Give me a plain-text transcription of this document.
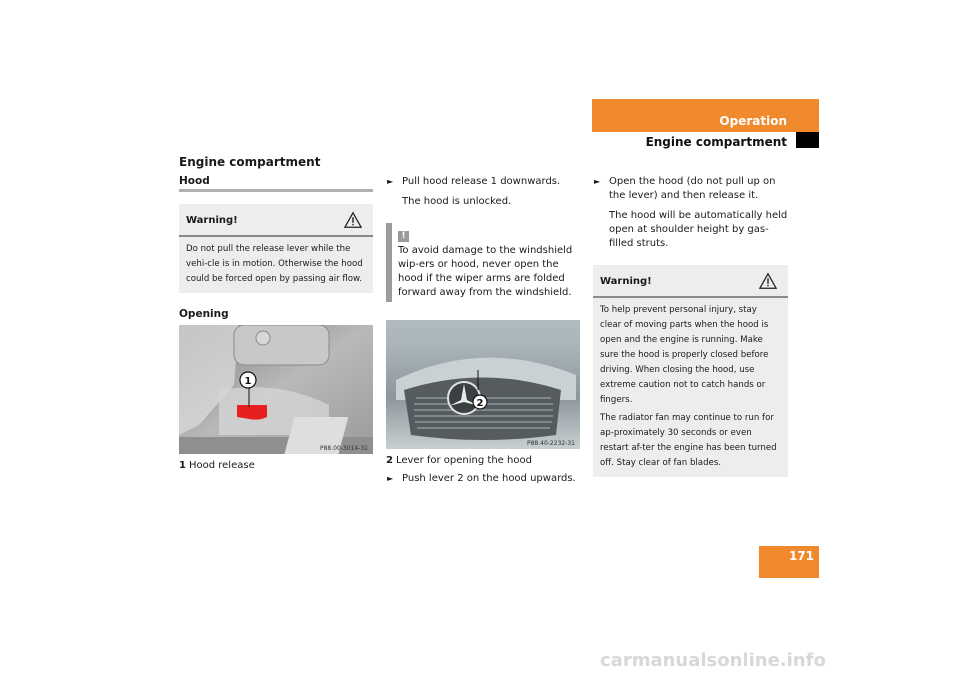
Operation
Engine compartment
Engine compartment
Hood
Warning!

Do not pull the release lever while the vehi-cle is in motion. Otherwise the hood could be forced open by passing air flow.

Opening
1
P88.00-3014-31
1 Hood release
► Pull hood release 1 downwards.
The hood is unlocked.
!
To avoid damage to the windshield wip-ers or hood, never open the hood if the wiper arms are folded forward away from the windshield.
2
P88.40-2232-31
2 Lever for opening the hood
► Push lever 2 on the hood upwards.
► Open the hood (do not pull up on the lever) and then release it.
The hood will be automatically held open at shoulder height by gas-filled struts.
Warning!

To help prevent personal injury, stay clear of moving parts when the hood is open and the engine is running. Make sure the hood is properly closed before driving. When closing the hood, use extreme caution not to catch hands or fingers.

The radiator fan may continue to run for ap-proximately 30 seconds or even restart af-ter the engine has been turned off. Stay clear of fan blades.

171
carmanualsonline.info
